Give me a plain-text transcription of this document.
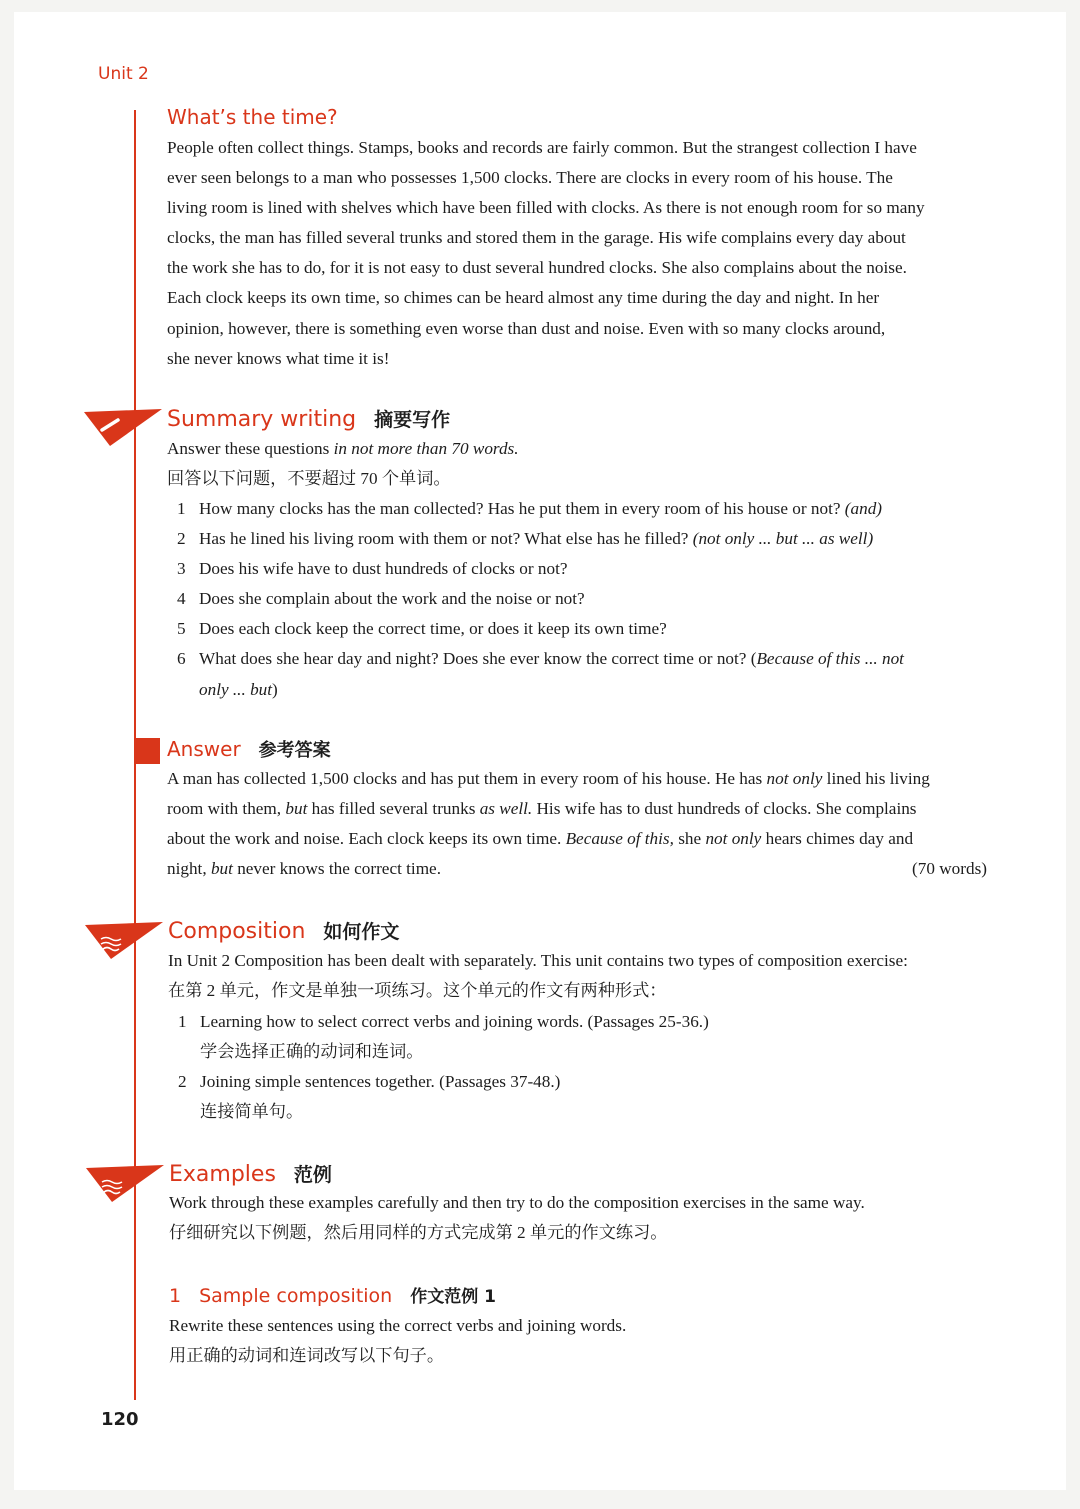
Unit 2
What’s the time?
People often collect things. Stamps, books and records are fairly common. But the strangest collection I have
ever seen belongs to a man who possesses 1,500 clocks. There are clocks in every room of his house. The
living room is lined with shelves which have been filled with clocks. As there is not enough room for so many
clocks, the man has filled several trunks and stored them in the garage. His wife complains every day about
the work she has to do, for it is not easy to dust several hundred clocks. She also complains about the noise.
Each clock keeps its own time, so chimes can be heard almost any time during the day and night. In her
opinion, however, there is something even worse than dust and noise. Even with so many clocks around,
she never knows what time it is!
Summary writing 摘要写作
Answer these questions in not more than 70 words.
回答以下问题，不要超过 70 个单词。
1 How many clocks has the man collected? Has he put them in every room of his house or not? (and)
2 Has he lined his living room with them or not? What else has he filled? (not only ... but ... as well)
3 Does his wife have to dust hundreds of clocks or not?
4 Does she complain about the work and the noise or not?
5 Does each clock keep the correct time, or does it keep its own time?
6 What does she hear day and night? Does she ever know the correct time or not? (Because of this ... not
only ... but)
Answer 参考答案
A man has collected 1,500 clocks and has put them in every room of his house. He has not only lined his living
room with them, but has filled several trunks as well. His wife has to dust hundreds of clocks. She complains
about the work and noise. Each clock keeps its own time. Because of this, she not only hears chimes day and
night, but never knows the correct time.	(70 words)
Composition 如何作文
In Unit 2 Composition has been dealt with separately. This unit contains two types of composition exercise:
在第 2 单元，作文是单独一项练习。这个单元的作文有两种形式：
1 Learning how to select correct verbs and joining words. (Passages 25-36.)
学会选择正确的动词和连词。
2 Joining simple sentences together. (Passages 37-48.)
连接简单句。
Examples 范例
Work through these examples carefully and then try to do the composition exercises in the same way.
仔细研究以下例题，然后用同样的方式完成第 2 单元的作文练习。
1 Sample composition 作文范例 1
Rewrite these sentences using the correct verbs and joining words.
用正确的动词和连词改写以下句子。
120
